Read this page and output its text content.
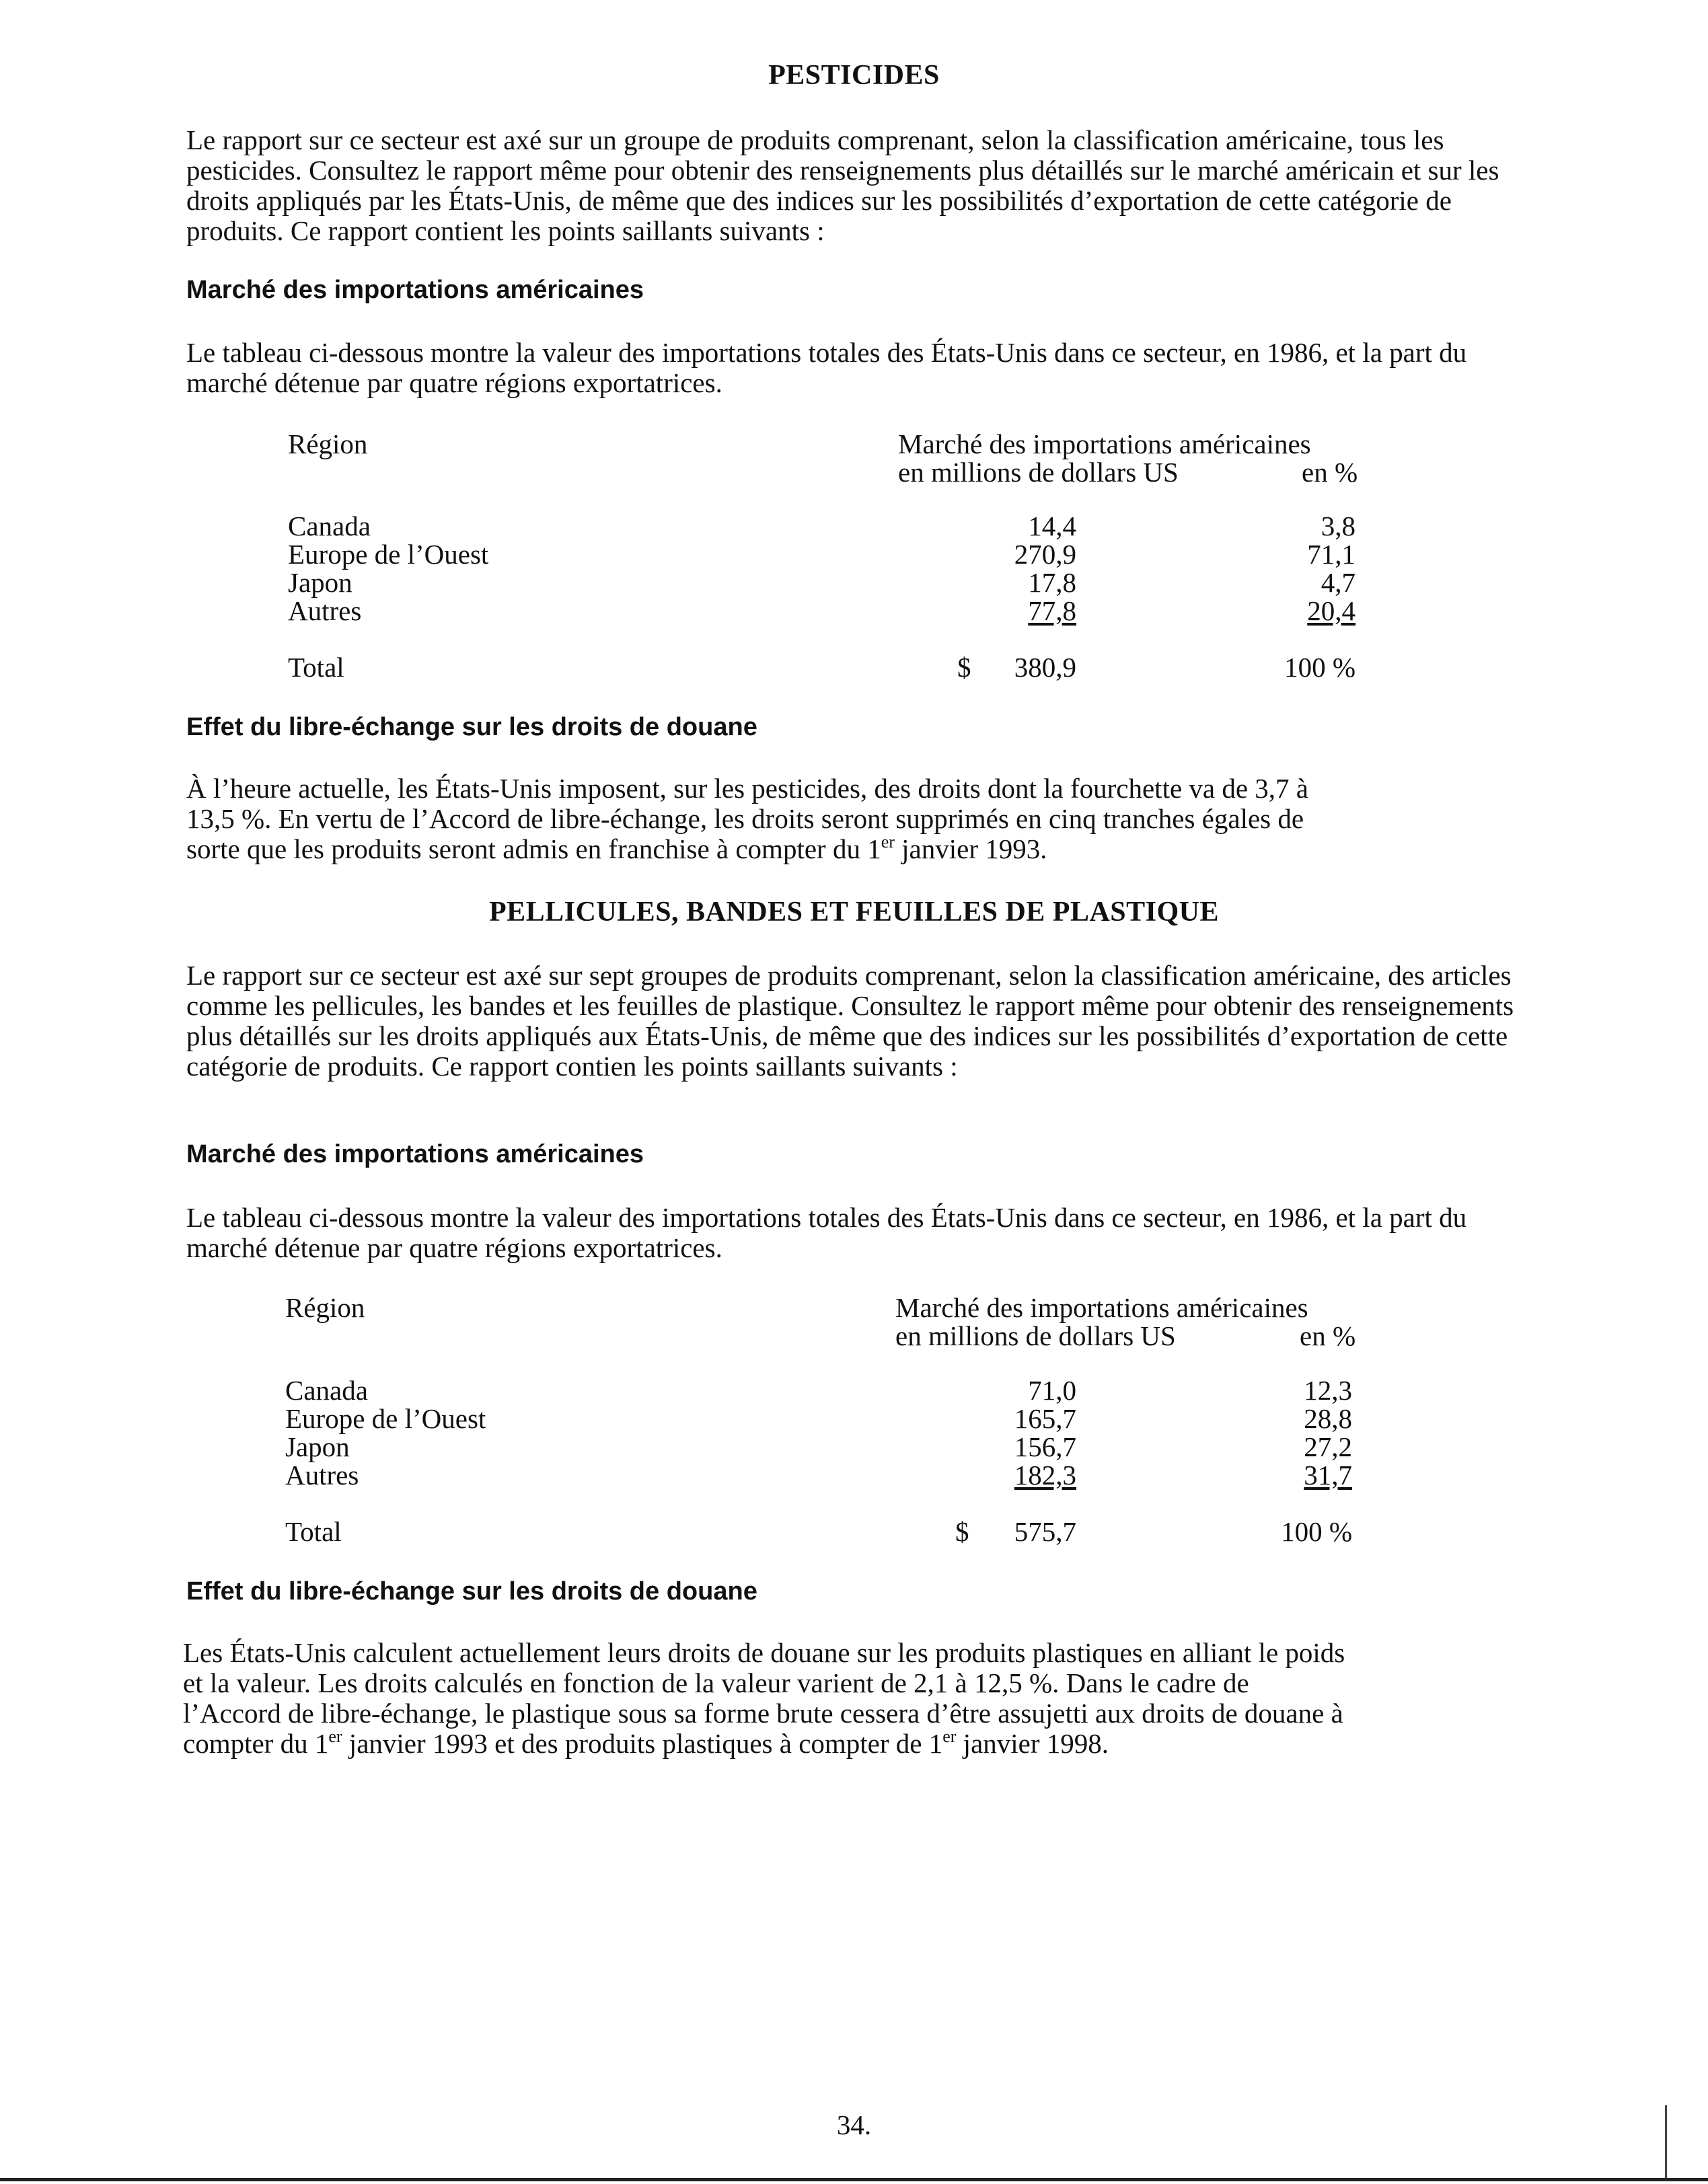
PESTICIDES

Le rapport sur ce secteur est axé sur un groupe de produits comprenant, selon la classification américaine, tous les pesticides. Consultez le rapport même pour obtenir des renseignements plus détaillés sur le marché américain et sur les droits appliqués par les États-Unis, de même que des indices sur les possibilités d’exportation de cette catégorie de produits. Ce rapport contient les points saillants suivants :

Marché des importations américaines

Le tableau ci-dessous montre la valeur des importations totales des États-Unis dans ce secteur, en 1986, et la part du marché détenue par quatre régions exportatrices.

Région	Marché des importations américaines
en millions de dollars US	en %
Canada	14,4	3,8
Europe de l’Ouest	270,9	71,1
Japon	17,8	4,7
Autres	77,8	20,4
Total	$	380,9	100 %
Effet du libre-échange sur les droits de douane
À l’heure actuelle, les États-Unis imposent, sur les pesticides, des droits dont la fourchette va de 3,7 à
13,5 %. En vertu de l’Accord de libre-échange, les droits seront supprimés en cinq tranches égales de
sorte que les produits seront admis en franchise à compter du 1er janvier 1993.
PELLICULES, BANDES ET FEUILLES DE PLASTIQUE

Le rapport sur ce secteur est axé sur sept groupes de produits comprenant, selon la classification américaine, des articles comme les pellicules, les bandes et les feuilles de plastique. Consultez le rapport même pour obtenir des renseignements plus détaillés sur les droits appliqués aux États-Unis, de même que des indices sur les possibilités d’exportation de cette catégorie de produits. Ce rapport contien les points saillants suivants :

Marché des importations américaines

Le tableau ci-dessous montre la valeur des importations totales des États-Unis dans ce secteur, en 1986, et la part du marché détenue par quatre régions exportatrices.

Région	Marché des importations américaines
en millions de dollars US	en %
Canada	71,0	12,3
Europe de l’Ouest	165,7	28,8
Japon	156,7	27,2
Autres	182,3	31,7
Total	$	575,7	100 %
Effet du libre-échange sur les droits de douane
Les États-Unis calculent actuellement leurs droits de douane sur les produits plastiques en alliant le poids
et la valeur. Les droits calculés en fonction de la valeur varient de 2,1 à 12,5 %. Dans le cadre de
l’Accord de libre-échange, le plastique sous sa forme brute cessera d’être assujetti aux droits de douane à
compter du 1er janvier 1993 et des produits plastiques à compter de 1er janvier 1998.
34.
